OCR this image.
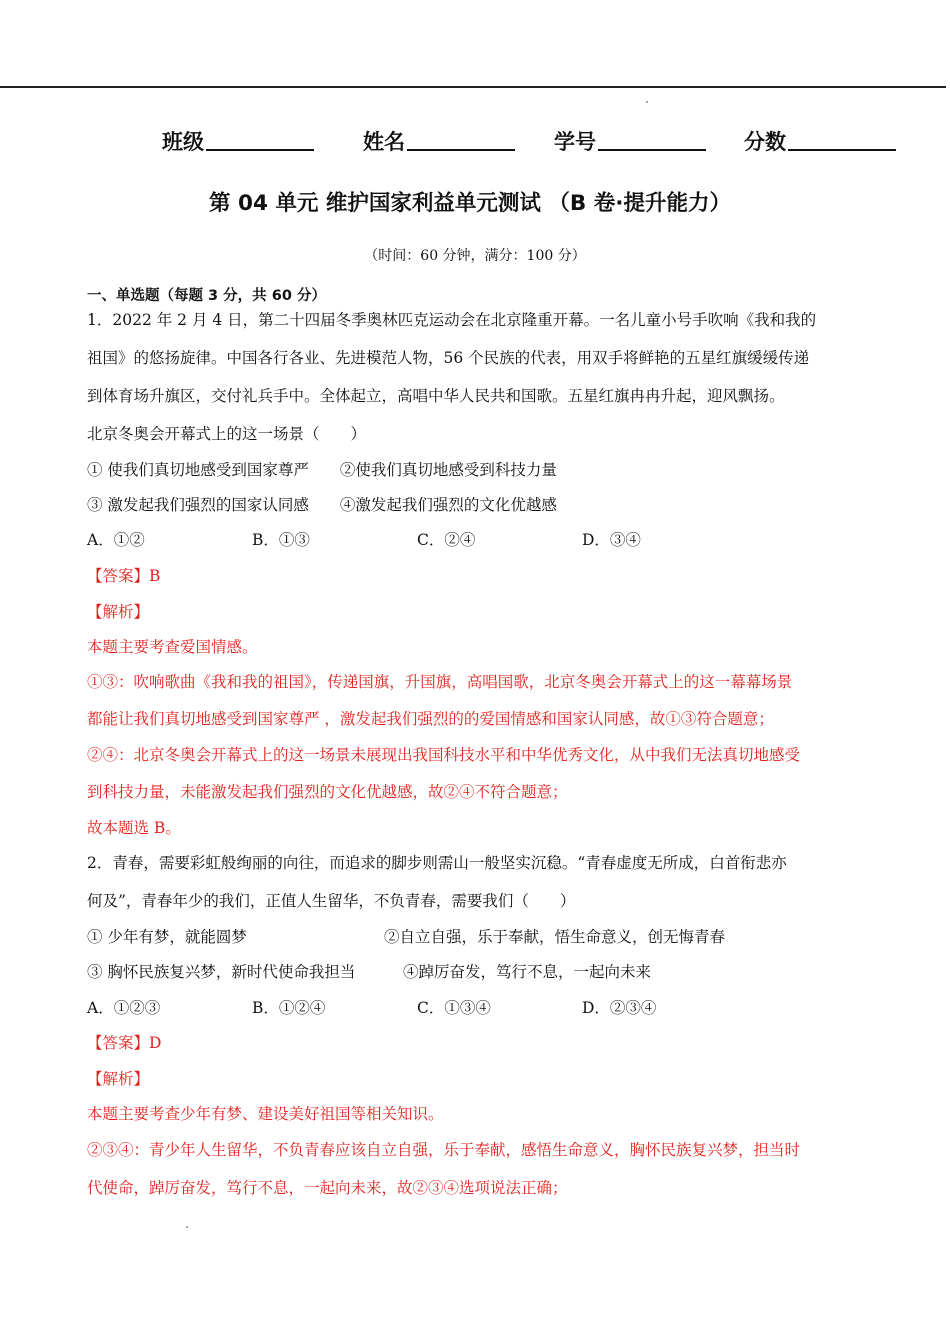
班级	姓名	学号	分数
第 04 单元 维护国家利益单元测试 （B 卷·提升能力）
（时间：60 分钟，满分：100 分）
一、单选题（每题 3 分，共 60 分）
1．2022 年 2 月 4 日，第二十四届冬季奥林匹克运动会在北京隆重开幕。一名儿童小号手吹响《我和我的
祖国》的悠扬旋律。中国各行各业、先进模范人物，56 个民族的代表，用双手将鲜艳的五星红旗缓缓传递
到体育场升旗区，交付礼兵手中。全体起立，高唱中华人民共和国歌。五星红旗冉冉升起，迎风飘扬。
北京冬奥会开幕式上的这一场景（　　）
① 使我们真切地感受到国家尊严　　②使我们真切地感受到科技力量
③ 激发起我们强烈的国家认同感　　④激发起我们强烈的文化优越感
A．①②	B．①③	C．②④	D．③④
【答案】B
【解析】
本题主要考查爱国情感。
①③：吹响歌曲《我和我的祖国》，传递国旗，升国旗，高唱国歌，北京冬奥会开幕式上的这一幕幕场景
都能让我们真切地感受到国家尊严 ，激发起我们强烈的的爱国情感和国家认同感，故①③符合题意；
②④：北京冬奥会开幕式上的这一场景未展现出我国科技水平和中华优秀文化，从中我们无法真切地感受
到科技力量，未能激发起我们强烈的文化优越感，故②④不符合题意；
故本题选 B。
2．青春，需要彩虹般绚丽的向往，而追求的脚步则需山一般坚实沉稳。“青春虚度无所成，白首衔悲亦
何及”，青春年少的我们，正值人生留华，不负青春，需要我们（　　）
① 少年有梦，就能圆梦	②自立自强，乐于奉献，悟生命意义，创无悔青春
③ 胸怀民族复兴梦，新时代使命我担当	④踔厉奋发，笃行不息，一起向未来
A．①②③	B．①②④	C．①③④	D．②③④
【答案】D
【解析】
本题主要考查少年有梦、建设美好祖国等相关知识。
②③④：青少年人生留华，不负青春应该自立自强，乐于奉献，感悟生命意义，胸怀民族复兴梦，担当时
代使命，踔厉奋发，笃行不息，一起向未来，故②③④选项说法正确；
